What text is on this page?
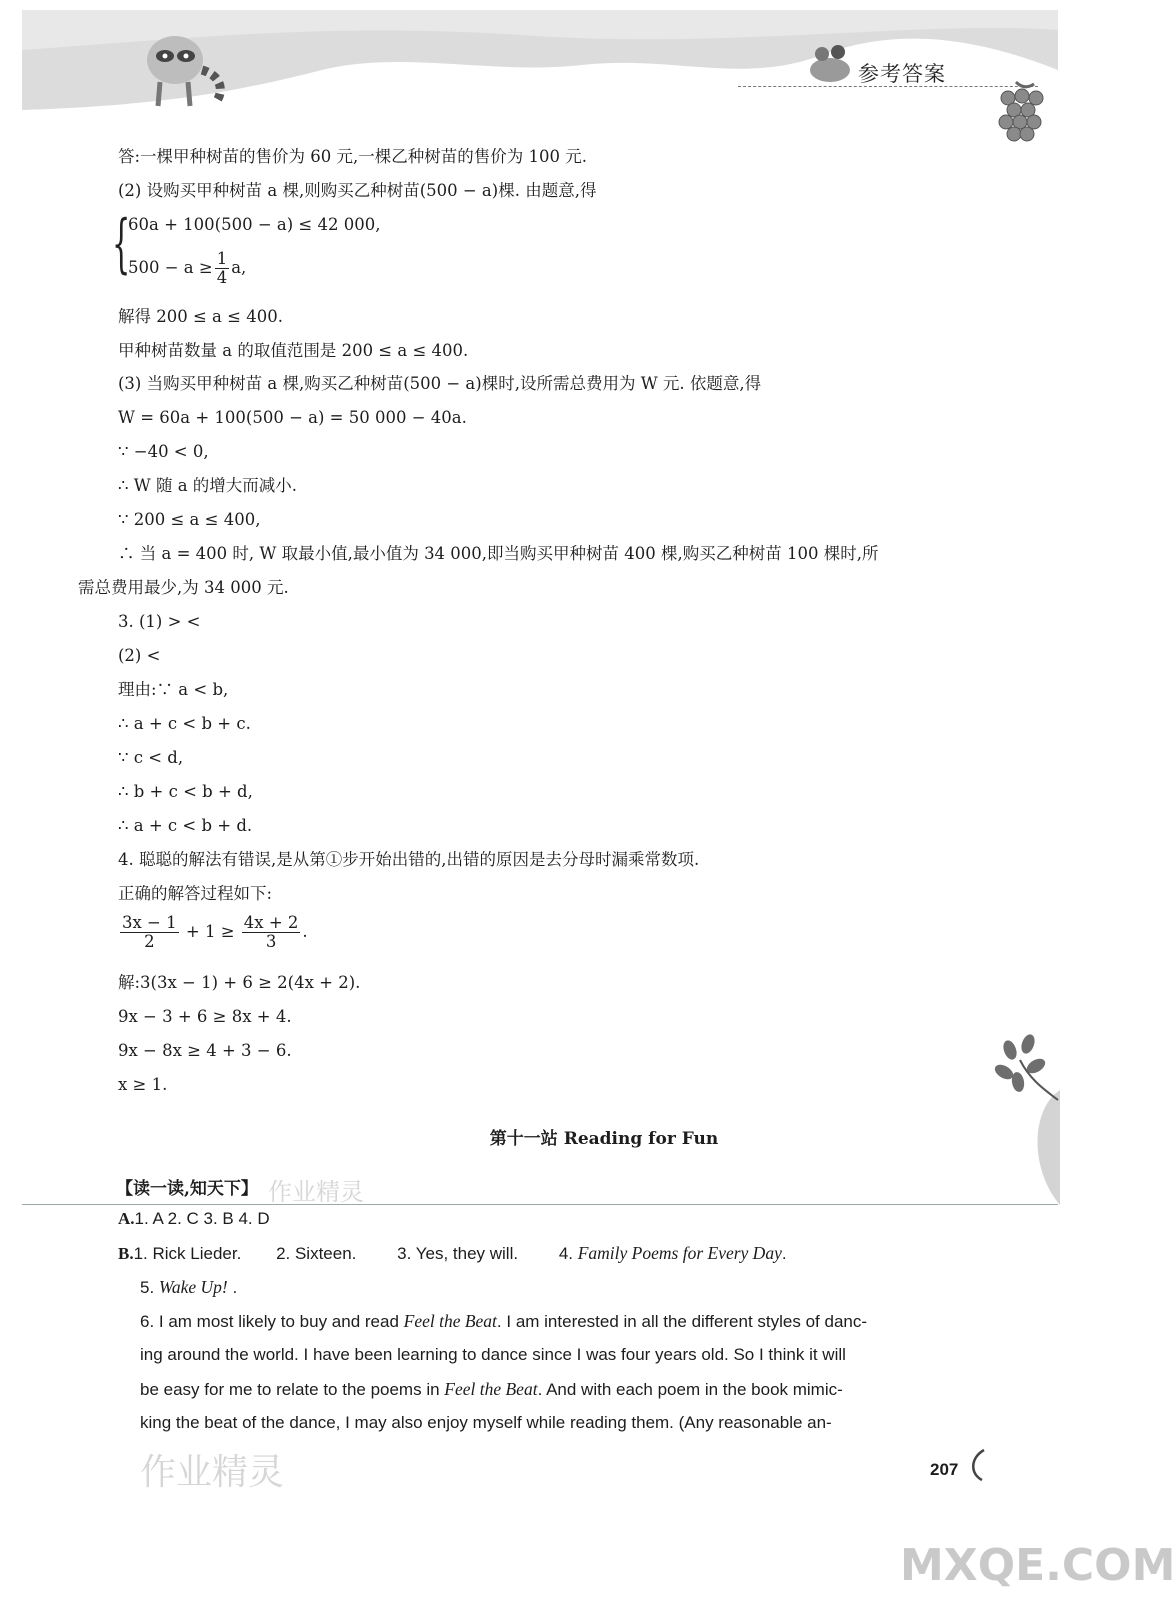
参考答案
答:一棵甲种树苗的售价为 60 元,一棵乙种树苗的售价为 100 元.
(2) 设购买甲种树苗 a 棵,则购买乙种树苗(500 − a)棵. 由题意,得
{
60a + 100(500 − a) ≤ 42 000,
$500 - a \ge \frac{1}{4} a$,
解得 200 ≤ a ≤ 400.
甲种树苗数量 a 的取值范围是 200 ≤ a ≤ 400.
(3) 当购买甲种树苗 a 棵,购买乙种树苗(500 − a)棵时,设所需总费用为 W 元. 依题意,得
W = 60a + 100(500 − a) = 50 000 − 40a.
∵ −40 < 0,
∴ W 随 a 的增大而减小.
∵ 200 ≤ a ≤ 400,
∴ 当 a = 400 时, W 取最小值,最小值为 34 000,即当购买甲种树苗 400 棵,购买乙种树苗 100 棵时,所
需总费用最少,为 34 000 元.
3. (1) > <
(2) <
理由:∵ a < b,
∴ a + c < b + c.
∵ c < d,
∴ b + c < b + d,
∴ a + c < b + d.
4. 聪聪的解法有错误,是从第①步开始出错的,出错的原因是去分母时漏乘常数项.
正确的解答过程如下:
$\frac{3x - 1}{2} + 1 \ge \frac{4x + 2}{3}$ .
解:3(3x − 1) + 6 ≥ 2(4x + 2).
9x − 3 + 6 ≥ 8x + 4.
9x − 8x ≥ 4 + 3 − 6.
x ≥ 1.
第十一站 Reading for Fun
【读一读,知天下】
A.1. A 2. C 3. B 4. D
B.1. Rick Lieder. 2. Sixteen. 3. Yes, they will. 4. Family Poems for Every Day.
5. Wake Up! .
6. I am most likely to buy and read Feel the Beat. I am interested in all the different styles of danc-
ing around the world. I have been learning to dance since I was four years old. So I think it will
be easy for me to relate to the poems in Feel the Beat. And with each poem in the book mimic-
king the beat of the dance, I may also enjoy myself while reading them. (Any reasonable an-
207
作业精灵
作业精灵
MXQE.COM
